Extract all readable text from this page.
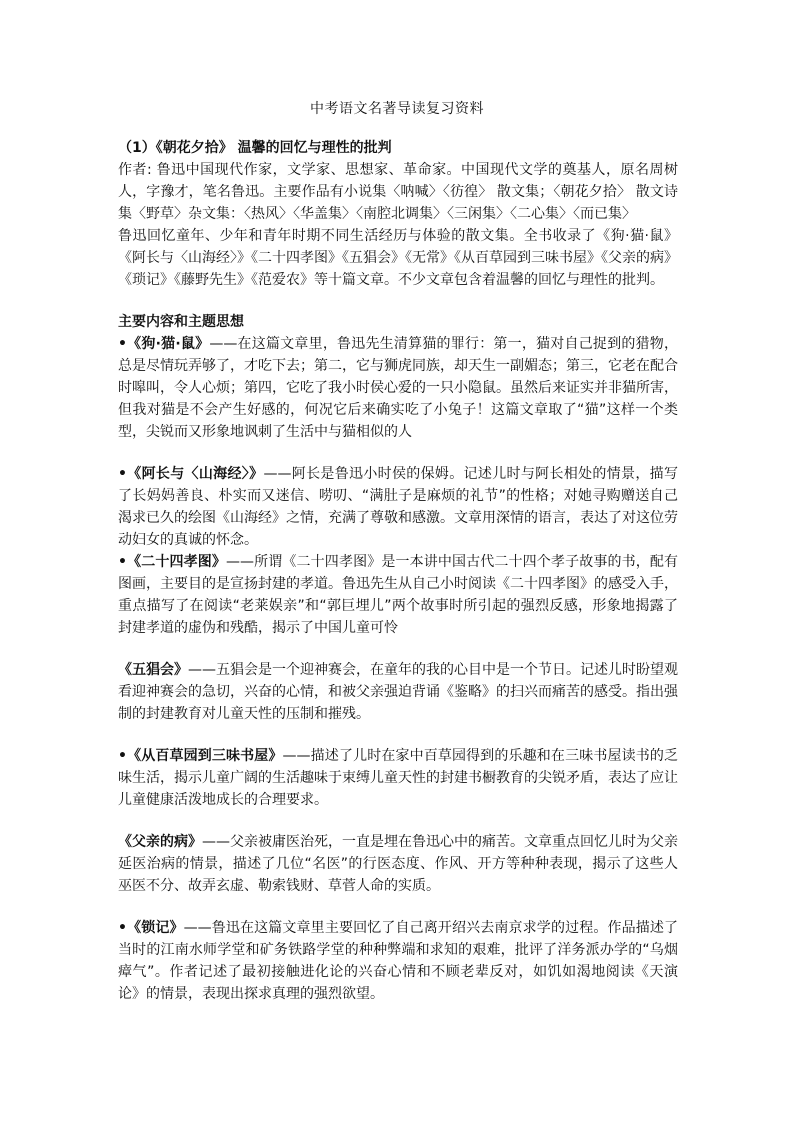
中考语文名著导读复习资料

（1）《朝花夕拾》 温馨的回忆与理性的批判

作者: 鲁迅中国现代作家，文学家、思想家、革命家。中国现代文学的奠基人，原名周树人，字豫才，笔名鲁迅。主要作品有小说集〈呐喊〉〈彷徨〉 散文集；〈朝花夕拾〉 散文诗集〈野草〉杂文集：〈热风〉〈华盖集〉〈南腔北调集〉〈三闲集〉〈二心集〉〈而已集〉

鲁迅回忆童年、少年和青年时期不同生活经历与体验的散文集。全书收录了《狗·猫·鼠》《阿长与〈山海经〉》《二十四孝图》《五猖会》《无常》《从百草园到三味书屋》《父亲的病》《琐记》《藤野先生》《范爱农》等十篇文章。不少文章包含着温馨的回忆与理性的批判。

主要内容和主题思想

•《狗·猫·鼠》——在这篇文章里，鲁迅先生清算猫的罪行：第一，猫对自己捉到的猎物，总是尽情玩弄够了，才吃下去；第二，它与狮虎同族，却天生一副媚态；第三，它老在配合时嗥叫，令人心烦；第四，它吃了我小时侯心爱的一只小隐鼠。虽然后来证实并非猫所害，但我对猫是不会产生好感的，何况它后来确实吃了小兔子！这篇文章取了“猫”这样一个类型，尖锐而又形象地讽刺了生活中与猫相似的人

•《阿长与〈山海经〉》——阿长是鲁迅小时侯的保姆。记述儿时与阿长相处的情景，描写了长妈妈善良、朴实而又迷信、唠叨、“满肚子是麻烦的礼节”的性格；对她寻购赠送自己渴求已久的绘图《山海经》之情，充满了尊敬和感激。文章用深情的语言，表达了对这位劳动妇女的真诚的怀念。

•《二十四孝图》——所谓《二十四孝图》是一本讲中国古代二十四个孝子故事的书，配有图画，主要目的是宣扬封建的孝道。鲁迅先生从自己小时阅读《二十四孝图》的感受入手，重点描写了在阅读“老莱娱亲”和“郭巨埋儿”两个故事时所引起的强烈反感，形象地揭露了封建孝道的虚伪和残酷，揭示了中国儿童可怜

《五猖会》——五猖会是一个迎神赛会，在童年的我的心目中是一个节日。记述儿时盼望观看迎神赛会的急切，兴奋的心情，和被父亲强迫背诵《鉴略》的扫兴而痛苦的感受。指出强制的封建教育对儿童天性的压制和摧残。

•《从百草园到三味书屋》——描述了儿时在家中百草园得到的乐趣和在三味书屋读书的乏味生活，揭示儿童广阔的生活趣味于束缚儿童天性的封建书橱教育的尖锐矛盾，表达了应让儿童健康活泼地成长的合理要求。

《父亲的病》——父亲被庸医治死，一直是埋在鲁迅心中的痛苦。文章重点回忆儿时为父亲延医治病的情景，描述了几位“名医”的行医态度、作风、开方等种种表现，揭示了这些人巫医不分、故弄玄虚、勒索钱财、草菅人命的实质。

•《锁记》——鲁迅在这篇文章里主要回忆了自己离开绍兴去南京求学的过程。作品描述了当时的江南水师学堂和矿务铁路学堂的种种弊端和求知的艰难，批评了洋务派办学的“乌烟瘴气”。作者记述了最初接触进化论的兴奋心情和不顾老辈反对，如饥如渴地阅读《天演论》的情景，表现出探求真理的强烈欲望。
